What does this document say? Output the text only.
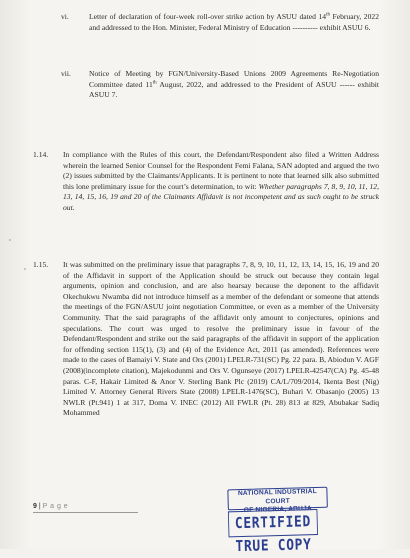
vi.	Letter of declaration of four-week roll-over strike action by ASUU dated 14th February, 2022 and addressed to the Hon. Minister, Federal Ministry of Education ---------- exhibit ASUU 6.
vii. Notice of Meeting by FGN/University-Based Unions 2009 Agreements Re-Negotiation Committee dated 11th August, 2022, and addressed to the President of ASUU ------ exhibit ASUU 7.
1.14. In compliance with the Rules of this court, the Defendant/Respondent also filed a Written Address wherein the learned Senior Counsel for the Respondent Femi Falana, SAN adopted and argued the two (2) issues submitted by the Claimants/Applicants. It is pertinent to note that learned silk also submitted this lone preliminary issue for the court’s determination, to wit: Whether paragraphs 7, 8, 9, 10, 11, 12, 13, 14, 15, 16, 19 and 20 of the Claimants Affidavit is not incompetent and as such ought to be struck out.
1.15. It was submitted on the preliminary issue that paragraphs 7, 8, 9, 10, 11, 12, 13, 14, 15, 16, 19 and 20 of the Affidavit in support of the Application should be struck out because they contain legal arguments, opinion and conclusion, and are also hearsay because the deponent to the affidavit Okechukwu Nwamba did not introduce himself as a member of the defendant or someone that attends the meetings of the FGN/ASUU joint negotiation Committee, or even as a member of the University Community. That the said paragraphs of the affidavit only amount to conjectures, opinions and speculations. The court was urged to resolve the preliminary issue in favour of the Defendant/Respondent and strike out the said paragraphs of the affidavit in support of the application for offending section 115(1), (3) and (4) of the Evidence Act, 2011 (as amended). References were made to the cases of Bamaiyi V. State and Ors (2001) LPELR-731(SC) Pg. 22 para. B, Abiodun V. AGF (2008)(incomplete citation), Majekodunmi and Ors V. Ogunseye (2017) LPELR-42547(CA) Pg. 45-48 paras. C-F, Hakair Limited & Anor V. Sterling Bank Plc (2019) CA/L/709/2014, Ikenta Best (Nig) Limited V. Attorney General Rivers State (2008) LPELR-1476(SC), Buhari V. Obasanjo (2005) 13 NWLR (Pt.941) 1 at 317, Doma V. INEC (2012) All FWLR (Pt. 28) 813 at 829, Abubakar Sadiq Mohammed
9 | P a g e
NATIONAL INDUSTRIAL COURT
OF NIGERIA, ABUJA
CERTIFIED TRUE COPY
